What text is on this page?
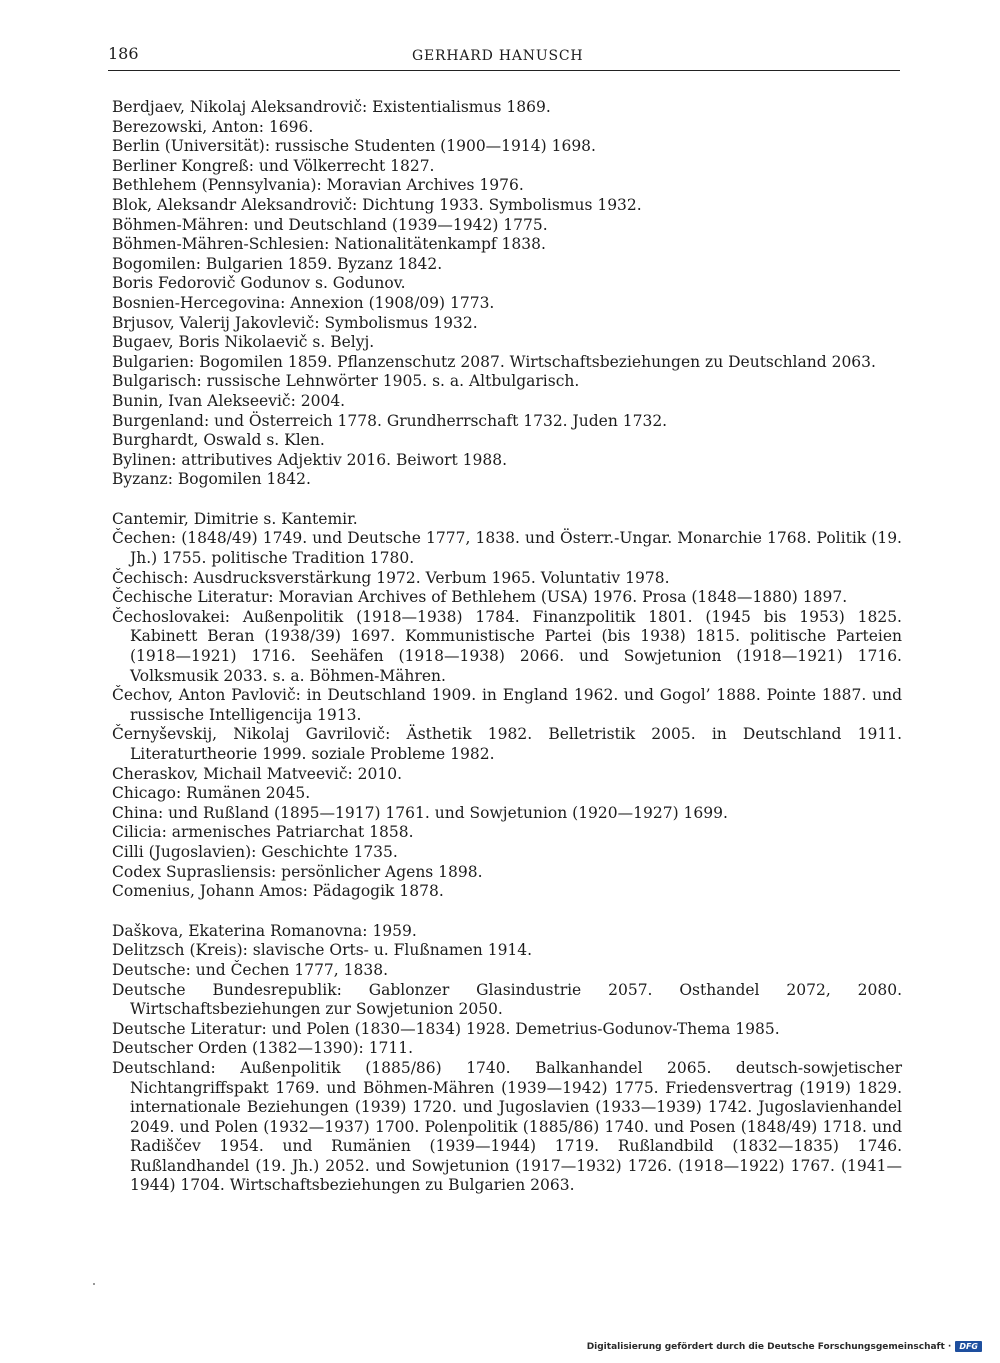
186	GERHARD HANUSCH

Berdjaev, Nikolaj Aleksandrovič: Existentialismus 1869.

Berezowski, Anton: 1696.

Berlin (Universität): russische Studenten (1900—1914) 1698.

Berliner Kongreß: und Völkerrecht 1827.

Bethlehem (Pennsylvania): Moravian Archives 1976.

Blok, Aleksandr Aleksandrovič: Dichtung 1933. Symbolismus 1932.

Böhmen-Mähren: und Deutschland (1939—1942) 1775.

Böhmen-Mähren-Schlesien: Nationalitätenkampf 1838.

Bogomilen: Bulgarien 1859. Byzanz 1842.

Boris Fedorovič Godunov s. Godunov.

Bosnien-Hercegovina: Annexion (1908/09) 1773.

Brjusov, Valerij Jakovlevič: Symbolismus 1932.

Bugaev, Boris Nikolaevič s. Belyj.

Bulgarien: Bogomilen 1859. Pflanzenschutz 2087. Wirtschaftsbeziehungen zu Deutschland 2063.

Bulgarisch: russische Lehnwörter 1905. s. a. Altbulgarisch.

Bunin, Ivan Alekseevič: 2004.

Burgenland: und Österreich 1778. Grundherrschaft 1732. Juden 1732.

Burghardt, Oswald s. Klen.

Bylinen: attributives Adjektiv 2016. Beiwort 1988.

Byzanz: Bogomilen 1842.

Cantemir, Dimitrie s. Kantemir.

Čechen: (1848/49) 1749. und Deutsche 1777, 1838. und Österr.-Ungar. Monarchie 1768. Politik (19. Jh.) 1755. politische Tradition 1780.

Čechisch: Ausdrucksverstärkung 1972. Verbum 1965. Voluntativ 1978.

Čechische Literatur: Moravian Archives of Bethlehem (USA) 1976. Prosa (1848—1880) 1897.

Čechoslovakei: Außenpolitik (1918—1938) 1784. Finanzpolitik 1801. (1945 bis 1953) 1825. Kabinett Beran (1938/39) 1697. Kommunistische Partei (bis 1938) 1815. politische Parteien (1918—1921) 1716. Seehäfen (1918—1938) 2066. und Sowjetunion (1918—1921) 1716. Volksmusik 2033. s. a. Böhmen-Mähren.

Čechov, Anton Pavlovič: in Deutschland 1909. in England 1962. und Gogol’ 1888. Pointe 1887. und russische Intelligencija 1913.

Černyševskij, Nikolaj Gavrilovič: Ästhetik 1982. Belletristik 2005. in Deutschland 1911. Literaturtheorie 1999. soziale Probleme 1982.

Cheraskov, Michail Matveevič: 2010.

Chicago: Rumänen 2045.

China: und Rußland (1895—1917) 1761. und Sowjetunion (1920—1927) 1699.

Cilicia: armenisches Patriarchat 1858.

Cilli (Jugoslavien): Geschichte 1735.

Codex Suprasliensis: persönlicher Agens 1898.

Comenius, Johann Amos: Pädagogik 1878.

Daškova, Ekaterina Romanovna: 1959.

Delitzsch (Kreis): slavische Orts- u. Flußnamen 1914.

Deutsche: und Čechen 1777, 1838.

Deutsche Bundesrepublik: Gablonzer Glasindustrie 2057. Osthandel 2072, 2080. Wirtschaftsbeziehungen zur Sowjetunion 2050.

Deutsche Literatur: und Polen (1830—1834) 1928. Demetrius-Godunov-Thema 1985.

Deutscher Orden (1382—1390): 1711.

Deutschland: Außenpolitik (1885/86) 1740. Balkanhandel 2065. deutsch-sowjetischer Nichtangriffspakt 1769. und Böhmen-Mähren (1939—1942) 1775. Friedensvertrag (1919) 1829. internationale Beziehungen (1939) 1720. und Jugoslavien (1933—1939) 1742. Jugoslavienhandel 2049. und Polen (1932—1937) 1700. Polenpolitik (1885/86) 1740. und Posen (1848/49) 1718. und Radiščev 1954. und Rumänien (1939—1944) 1719. Rußlandbild (1832—1835) 1746. Rußlandhandel (19. Jh.) 2052. und Sowjetunion (1917—1932) 1726. (1918—1922) 1767. (1941—1944) 1704. Wirtschaftsbeziehungen zu Bulgarien 2063.

Digitalisierung gefördert durch die Deutsche Forschungsgemeinschaft ·	DFG
